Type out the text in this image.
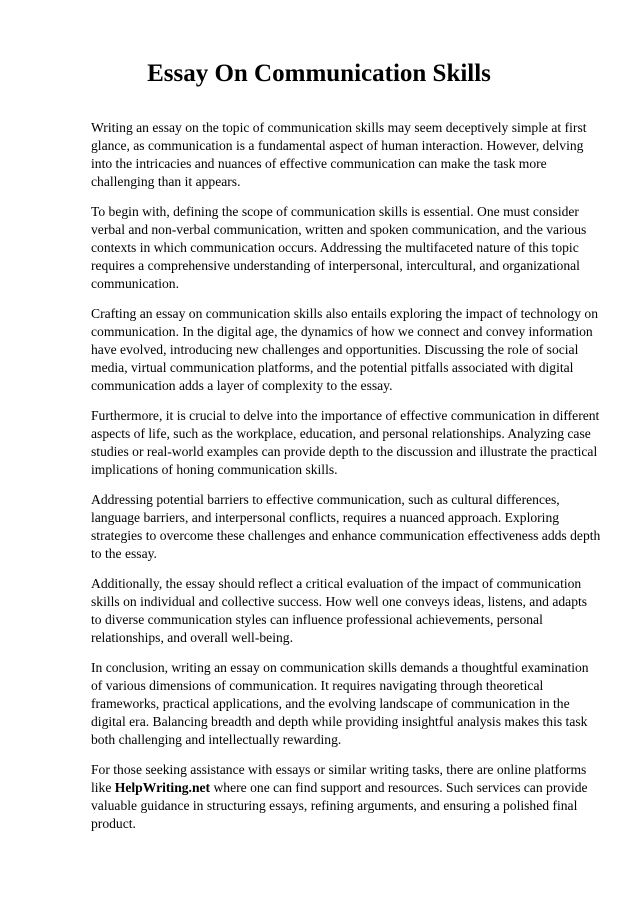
Essay On Communication Skills

Writing an essay on the topic of communication skills may seem deceptively simple at first glance, as communication is a fundamental aspect of human interaction. However, delving into the intricacies and nuances of effective communication can make the task more challenging than it appears.

To begin with, defining the scope of communication skills is essential. One must consider verbal and non-verbal communication, written and spoken communication, and the various contexts in which communication occurs. Addressing the multifaceted nature of this topic requires a comprehensive understanding of interpersonal, intercultural, and organizational communication.

Crafting an essay on communication skills also entails exploring the impact of technology on communication. In the digital age, the dynamics of how we connect and convey information have evolved, introducing new challenges and opportunities. Discussing the role of social media, virtual communication platforms, and the potential pitfalls associated with digital communication adds a layer of complexity to the essay.

Furthermore, it is crucial to delve into the importance of effective communication in different aspects of life, such as the workplace, education, and personal relationships. Analyzing case studies or real-world examples can provide depth to the discussion and illustrate the practical implications of honing communication skills.

Addressing potential barriers to effective communication, such as cultural differences, language barriers, and interpersonal conflicts, requires a nuanced approach. Exploring strategies to overcome these challenges and enhance communication effectiveness adds depth to the essay.

Additionally, the essay should reflect a critical evaluation of the impact of communication skills on individual and collective success. How well one conveys ideas, listens, and adapts to diverse communication styles can influence professional achievements, personal relationships, and overall well-being.

In conclusion, writing an essay on communication skills demands a thoughtful examination of various dimensions of communication. It requires navigating through theoretical frameworks, practical applications, and the evolving landscape of communication in the digital era. Balancing breadth and depth while providing insightful analysis makes this task both challenging and intellectually rewarding.

For those seeking assistance with essays or similar writing tasks, there are online platforms like HelpWriting.net where one can find support and resources. Such services can provide valuable guidance in structuring essays, refining arguments, and ensuring a polished final product.
